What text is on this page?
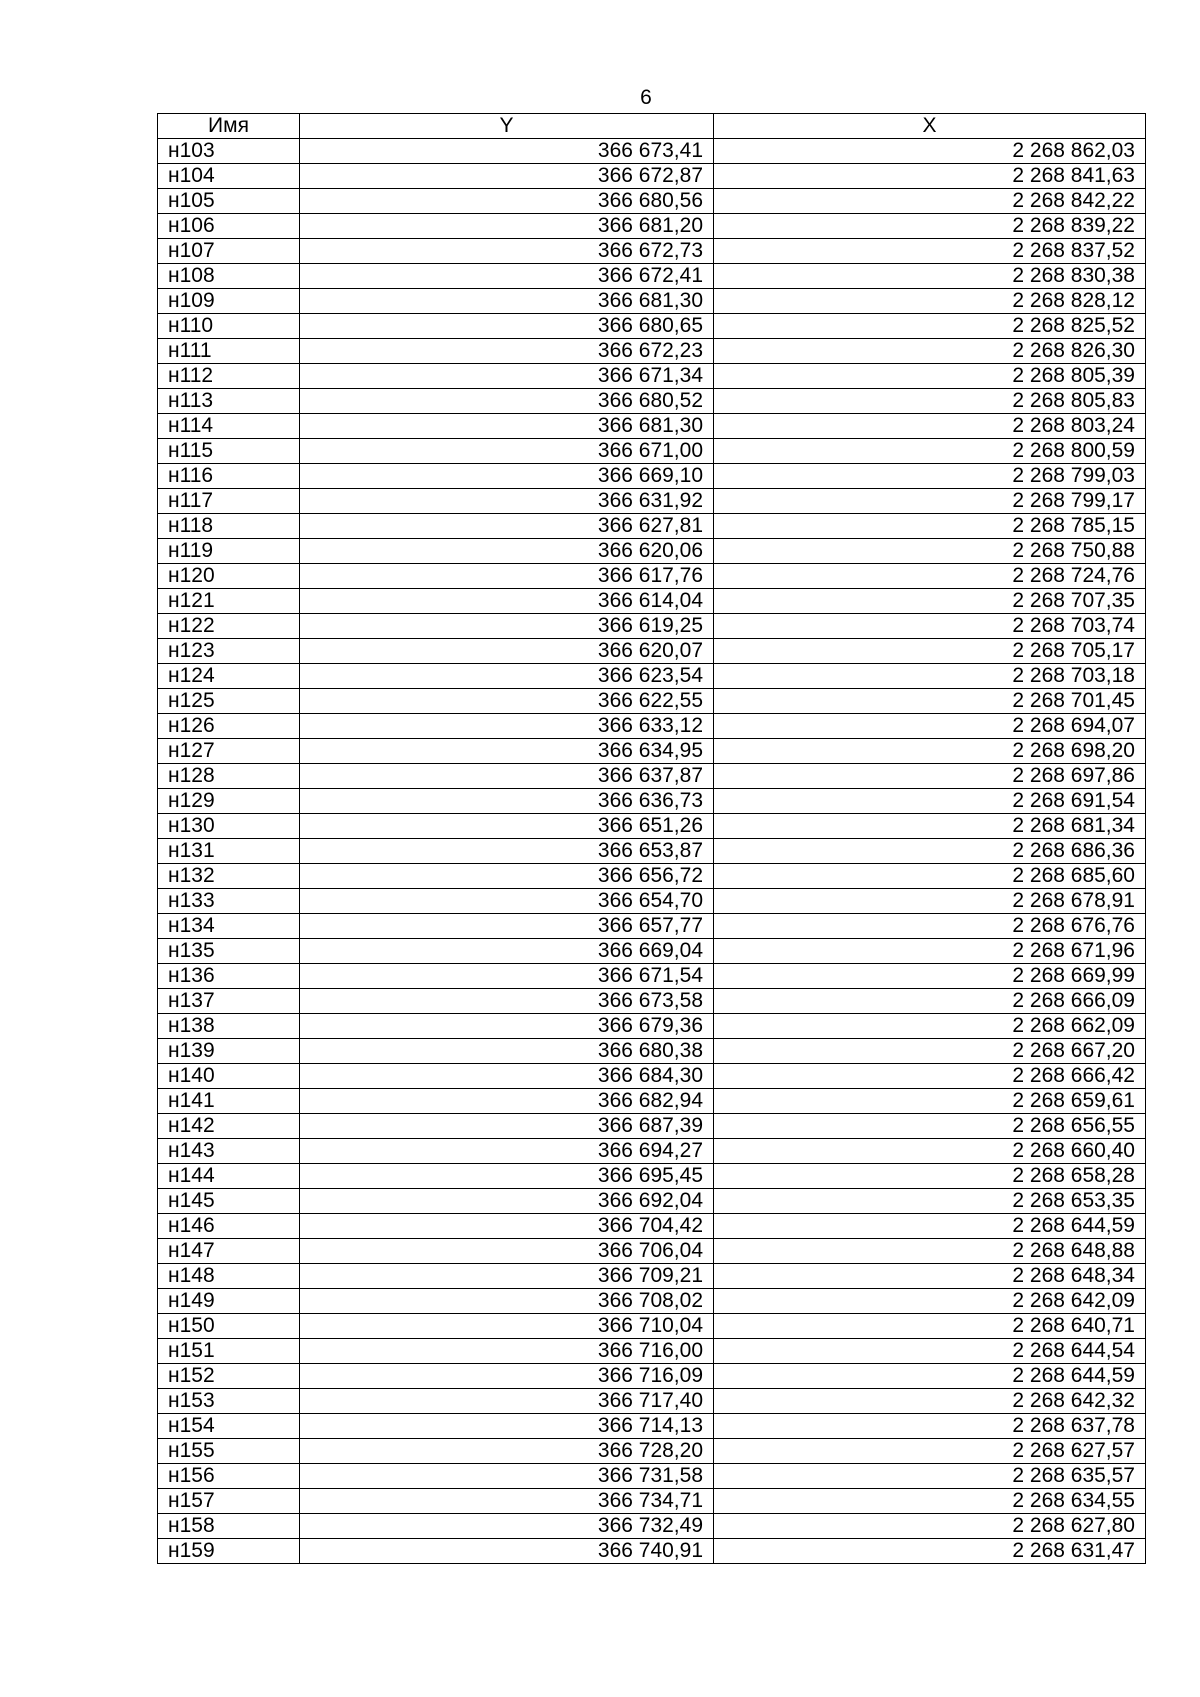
6
Имя	Y	X
н103	366 673,41	2 268 862,03
н104	366 672,87	2 268 841,63
н105	366 680,56	2 268 842,22
н106	366 681,20	2 268 839,22
н107	366 672,73	2 268 837,52
н108	366 672,41	2 268 830,38
н109	366 681,30	2 268 828,12
н110	366 680,65	2 268 825,52
н111	366 672,23	2 268 826,30
н112	366 671,34	2 268 805,39
н113	366 680,52	2 268 805,83
н114	366 681,30	2 268 803,24
н115	366 671,00	2 268 800,59
н116	366 669,10	2 268 799,03
н117	366 631,92	2 268 799,17
н118	366 627,81	2 268 785,15
н119	366 620,06	2 268 750,88
н120	366 617,76	2 268 724,76
н121	366 614,04	2 268 707,35
н122	366 619,25	2 268 703,74
н123	366 620,07	2 268 705,17
н124	366 623,54	2 268 703,18
н125	366 622,55	2 268 701,45
н126	366 633,12	2 268 694,07
н127	366 634,95	2 268 698,20
н128	366 637,87	2 268 697,86
н129	366 636,73	2 268 691,54
н130	366 651,26	2 268 681,34
н131	366 653,87	2 268 686,36
н132	366 656,72	2 268 685,60
н133	366 654,70	2 268 678,91
н134	366 657,77	2 268 676,76
н135	366 669,04	2 268 671,96
н136	366 671,54	2 268 669,99
н137	366 673,58	2 268 666,09
н138	366 679,36	2 268 662,09
н139	366 680,38	2 268 667,20
н140	366 684,30	2 268 666,42
н141	366 682,94	2 268 659,61
н142	366 687,39	2 268 656,55
н143	366 694,27	2 268 660,40
н144	366 695,45	2 268 658,28
н145	366 692,04	2 268 653,35
н146	366 704,42	2 268 644,59
н147	366 706,04	2 268 648,88
н148	366 709,21	2 268 648,34
н149	366 708,02	2 268 642,09
н150	366 710,04	2 268 640,71
н151	366 716,00	2 268 644,54
н152	366 716,09	2 268 644,59
н153	366 717,40	2 268 642,32
н154	366 714,13	2 268 637,78
н155	366 728,20	2 268 627,57
н156	366 731,58	2 268 635,57
н157	366 734,71	2 268 634,55
н158	366 732,49	2 268 627,80
н159	366 740,91	2 268 631,47
